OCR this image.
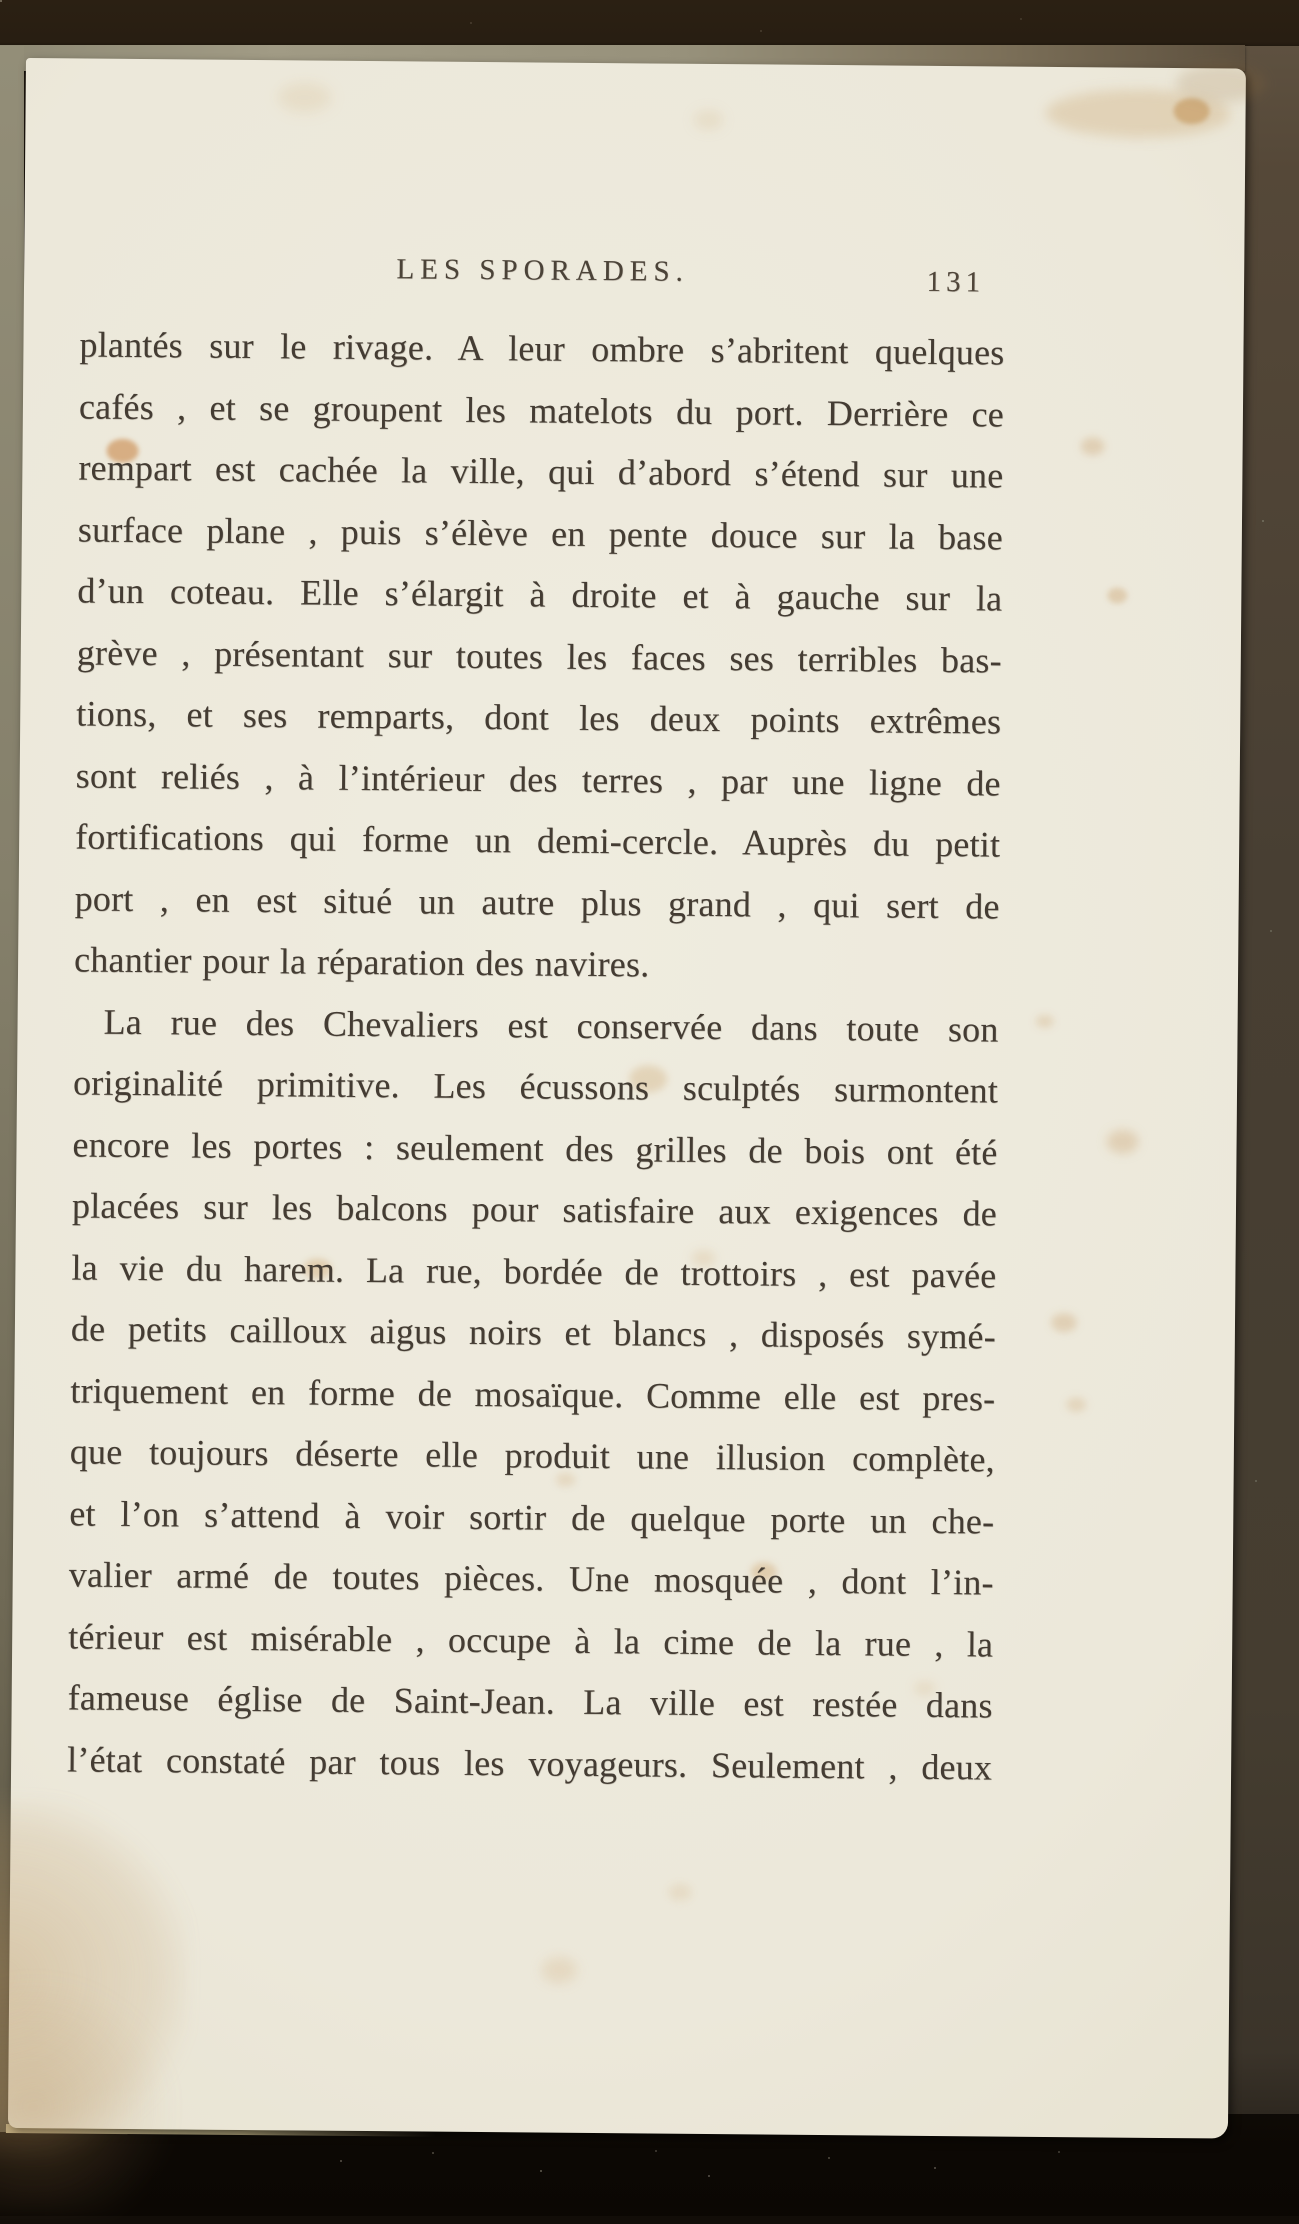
LES SPORADES.	131
plantés sur le rivage. A leur ombre s’abritent quelques
cafés , et se groupent les matelots du port. Derrière ce
rempart est cachée la ville, qui d’abord s’étend sur une
surface plane , puis s’élève en pente douce sur la base
d’un coteau. Elle s’élargit à droite et à gauche sur la
grève , présentant sur toutes les faces ses terribles bas-
tions, et ses remparts, dont les deux points extrêmes
sont reliés , à l’intérieur des terres , par une ligne de
fortifications qui forme un demi-cercle. Auprès du petit
port , en est situé un autre plus grand , qui sert de
chantier pour la réparation des navires.
La rue des Chevaliers est conservée dans toute son
originalité primitive. Les écussons sculptés surmontent
encore les portes : seulement des grilles de bois ont été
placées sur les balcons pour satisfaire aux exigences de
la vie du harem. La rue, bordée de trottoirs , est pavée
de petits cailloux aigus noirs et blancs , disposés symé-
triquement en forme de mosaïque. Comme elle est pres-
que toujours déserte elle produit une illusion complète,
et l’on s’attend à voir sortir de quelque porte un che-
valier armé de toutes pièces. Une mosquée , dont l’in-
térieur est misérable , occupe à la cime de la rue , la
fameuse église de Saint-Jean. La ville est restée dans
l’état constaté par tous les voyageurs. Seulement , deux
